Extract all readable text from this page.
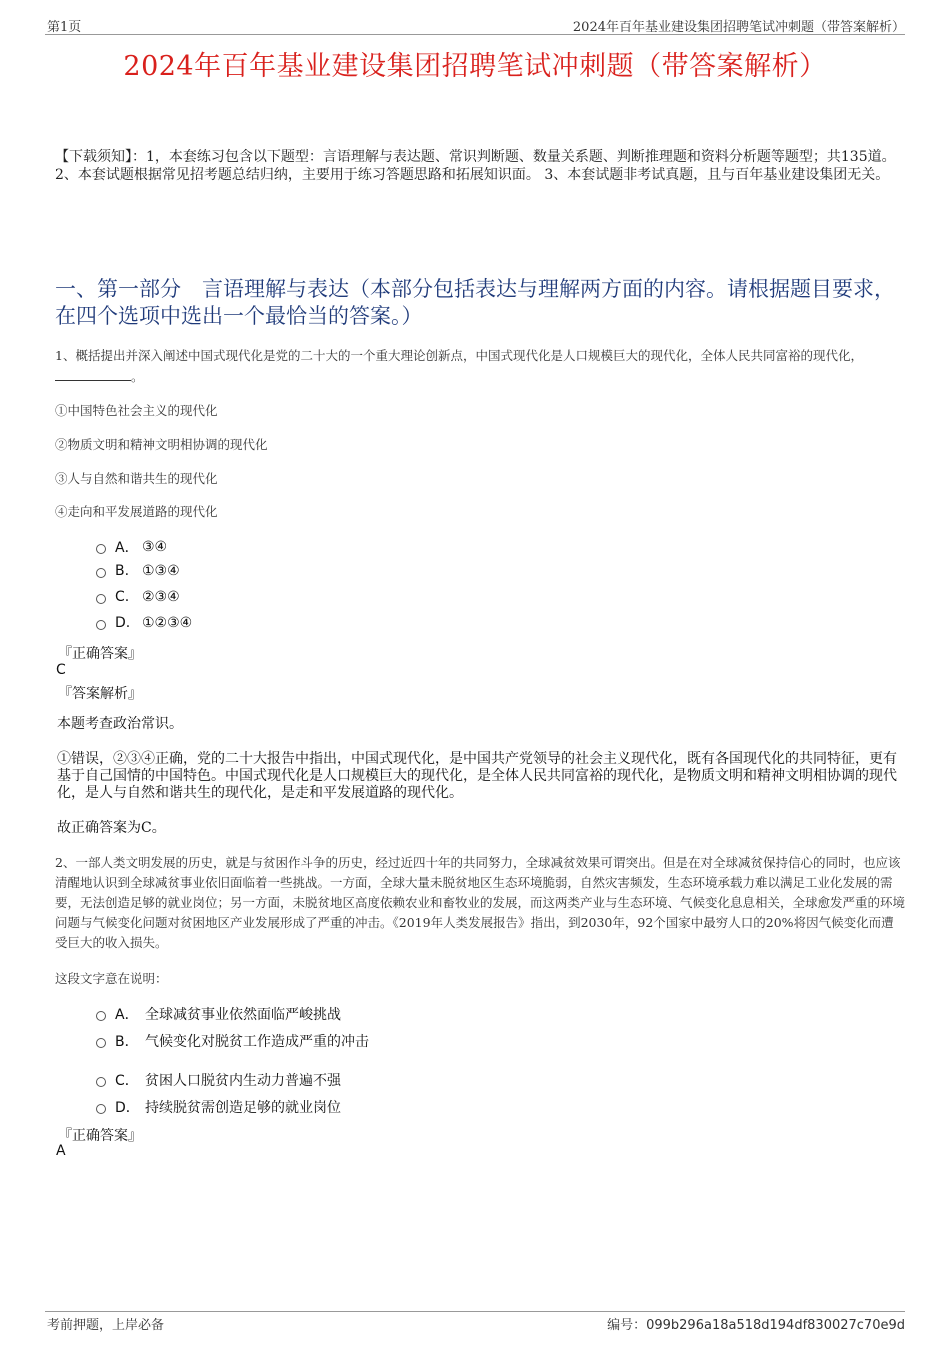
第1页	2024年百年基业建设集团招聘笔试冲刺题（带答案解析）
2024年百年基业建设集团招聘笔试冲刺题（带答案解析）
【下载须知】：1，本套练习包含以下题型：言语理解与表达题、常识判断题、数量关系题、判断推理题和资料分析题等题型；共135道。 2、本套试题根据常见招考题总结归纳，主要用于练习答题思路和拓展知识面。 3、本套试题非考试真题，且与百年基业建设集团无关。
一、第一部分　言语理解与表达（本部分包括表达与理解两方面的内容。请根据题目要求，在四个选项中选出一个最恰当的答案。）
1、概括提出并深入阐述中国式现代化是党的二十大的一个重大理论创新点，中国式现代化是人口规模巨大的现代化，全体人民共同富裕的现代化，。
①中国特色社会主义的现代化
②物质文明和精神文明相协调的现代化
③人与自然和谐共生的现代化
④走向和平发展道路的现代化
A． ③④
B. ①③④
C. ②③④
D. ①②③④
『正确答案』
C
『答案解析』
本题考查政治常识。
①错误，②③④正确，党的二十大报告中指出，中国式现代化，是中国共产党领导的社会主义现代化，既有各国现代化的共同特征，更有基于自己国情的中国特色。中国式现代化是人口规模巨大的现代化，是全体人民共同富裕的现代化，是物质文明和精神文明相协调的现代化，是人与自然和谐共生的现代化，是走和平发展道路的现代化。
故正确答案为C。
2、一部人类文明发展的历史，就是与贫困作斗争的历史，经过近四十年的共同努力，全球减贫效果可谓突出。但是在对全球减贫保持信心的同时，也应该清醒地认识到全球减贫事业依旧面临着一些挑战。一方面，全球大量未脱贫地区生态环境脆弱，自然灾害频发，生态环境承载力难以满足工业化发展的需要，无法创造足够的就业岗位；另一方面，未脱贫地区高度依赖农业和畜牧业的发展，而这两类产业与生态环境、气候变化息息相关，全球愈发严重的环境问题与气候变化问题对贫困地区产业发展形成了严重的冲击。《2019年人类发展报告》指出，到2030年，92个国家中最穷人口的20%将因气候变化而遭受巨大的收入损失。
这段文字意在说明：
A． 全球减贫事业依然面临严峻挑战
B． 气候变化对脱贫工作造成严重的冲击
C． 贫困人口脱贫内生动力普遍不强
D． 持续脱贫需创造足够的就业岗位
『正确答案』
A
考前押题，上岸必备	编号：099b296a18a518d194df830027c70e9d
